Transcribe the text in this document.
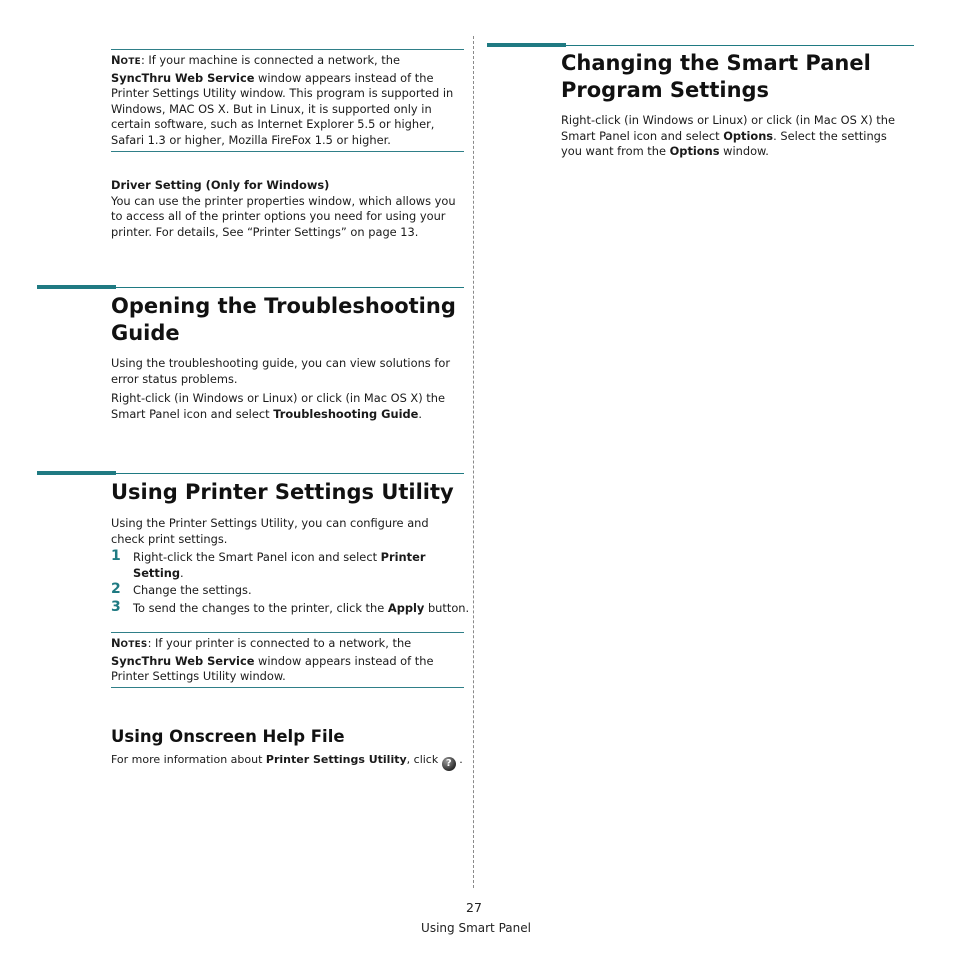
NOTE: If your machine is connected a network, the SyncThru Web Service window appears instead of the Printer Settings Utility window. This program is supported in Windows, MAC OS X. But in Linux, it is supported only in certain software, such as Internet Explorer 5.5 or higher, Safari 1.3 or higher, Mozilla FireFox 1.5 or higher.
Driver Setting (Only for Windows)
You can use the printer properties window, which allows you to access all of the printer options you need for using your printer. For details, See “Printer Settings” on page 13.
Opening the Troubleshooting
Guide
Using the troubleshooting guide, you can view solutions for error status problems.
Right-click (in Windows or Linux) or click (in Mac OS X) the Smart Panel icon and select Troubleshooting Guide.
Using Printer Settings Utility
Using the Printer Settings Utility, you can configure and check print settings.
1 Right-click the Smart Panel icon and select Printer Setting.
2 Change the settings.
3 To send the changes to the printer, click the Apply button.
NOTES: If your printer is connected to a network, the SyncThru Web Service window appears instead of the Printer Settings Utility window.
Using Onscreen Help File
For more information about Printer Settings Utility, click ? .
Changing the Smart Panel
Program Settings
Right-click (in Windows or Linux) or click (in Mac OS X) the Smart Panel icon and select Options. Select the settings you want from the Options window.
27
Using Smart Panel
